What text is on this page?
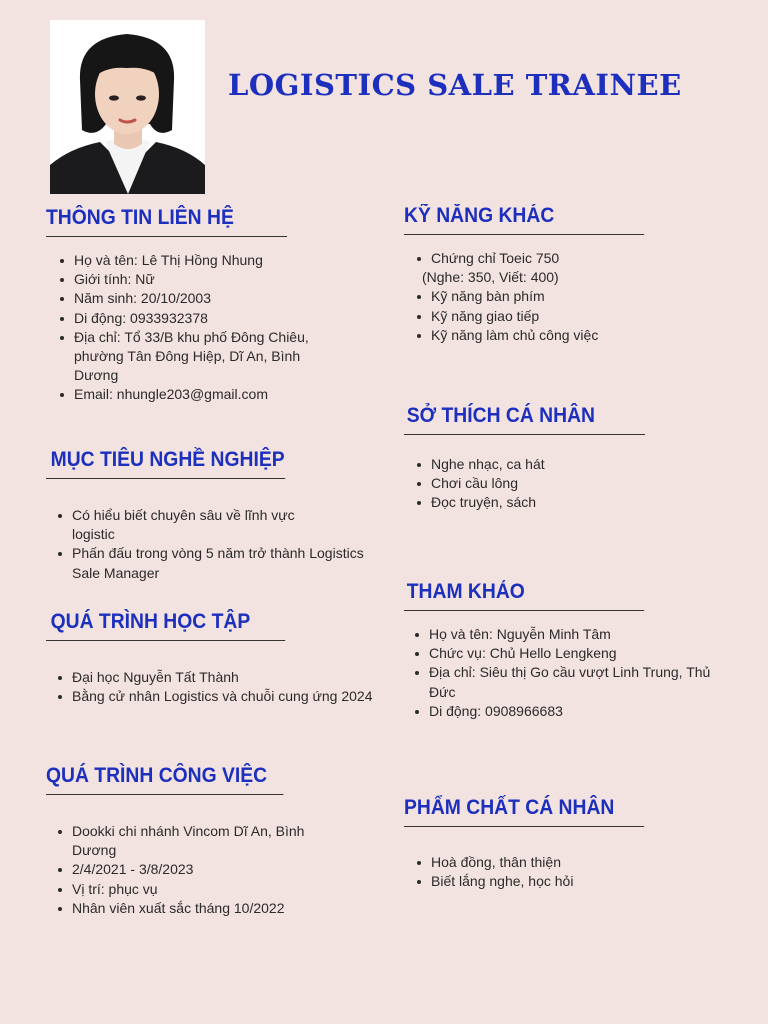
LOGISTICS SALE TRAINEE
THÔNG TIN LIÊN HỆ
Họ và tên: Lê Thị Hồng Nhung
Giới tính: Nữ
Năm sinh: 20/10/2003
Di động: 0933932378
Địa chỉ: Tổ 33/B khu phố Đông Chiêu, phường Tân Đông Hiệp, Dĩ An, Bình Dương
Email: nhungle203@gmail.com
MỤC TIÊU NGHỀ NGHIỆP
Có hiểu biết chuyên sâu về lĩnh vực logistic
Phấn đấu trong vòng 5 năm trở thành Logistics Sale Manager
QUÁ TRÌNH HỌC TẬP
Đại học Nguyễn Tất Thành
Bằng cử nhân Logistics và chuỗi cung ứng 2024
QUÁ TRÌNH CÔNG VIỆC
Dookki chi nhánh Vincom Dĩ An, Bình Dương
2/4/2021 - 3/8/2023
Vị trí: phục vụ
Nhân viên xuất sắc tháng 10/2022
KỸ NĂNG KHÁC
Chứng chỉ Toeic 750
(Nghe: 350, Viết: 400)
Kỹ năng bàn phím
Kỹ năng giao tiếp
Kỹ năng làm chủ công việc
SỞ THÍCH CÁ NHÂN
Nghe nhạc, ca hát
Chơi cầu lông
Đọc truyện, sách
THAM KHẢO
Họ và tên: Nguyễn Minh Tâm
Chức vụ: Chủ Hello Lengkeng
Địa chỉ: Siêu thị Go cầu vượt Linh Trung, Thủ Đức
Di động: 0908966683
PHẨM CHẤT CÁ NHÂN
Hoà đồng, thân thiện
Biết lắng nghe, học hỏi
